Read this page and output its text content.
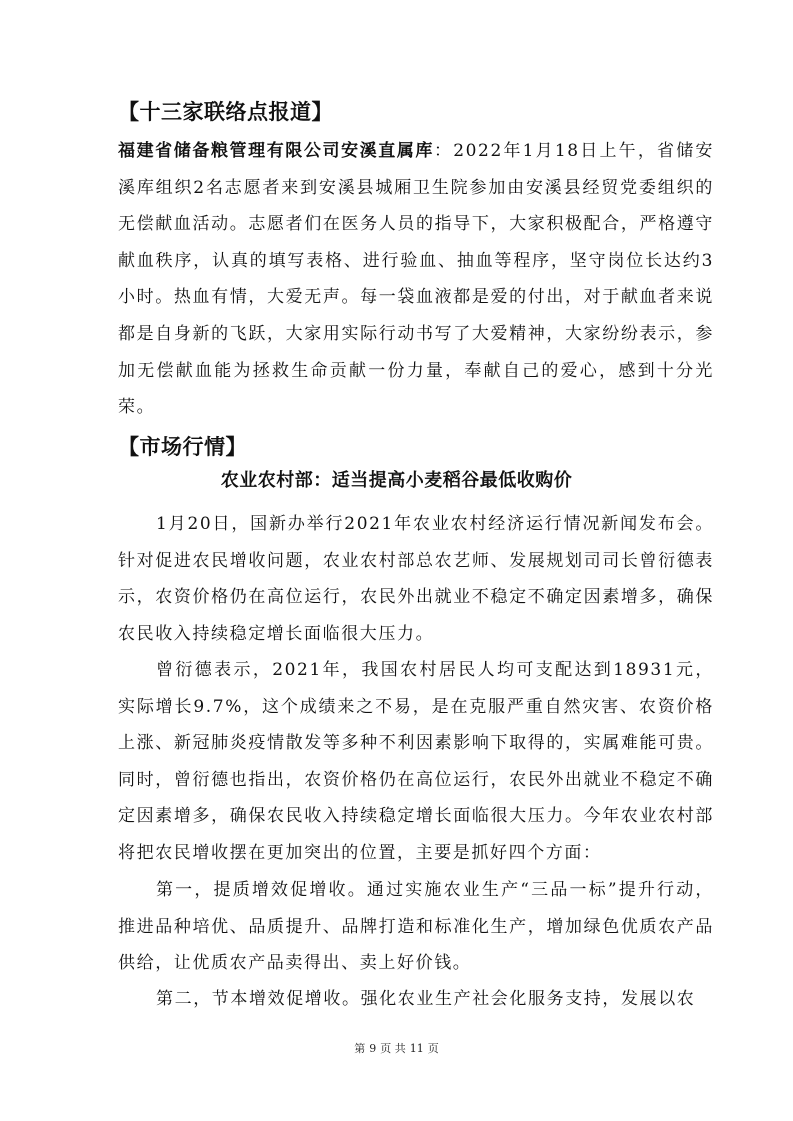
【十三家联络点报道】

福建省储备粮管理有限公司安溪直属库：2022年1月18日上午，省储安溪库组织2名志愿者来到安溪县城厢卫生院参加由安溪县经贸党委组织的无偿献血活动。志愿者们在医务人员的指导下，大家积极配合，严格遵守献血秩序，认真的填写表格、进行验血、抽血等程序，坚守岗位长达约3小时。热血有情，大爱无声。每一袋血液都是爱的付出，对于献血者来说都是自身新的飞跃，大家用实际行动书写了大爱精神，大家纷纷表示，参加无偿献血能为拯救生命贡献一份力量，奉献自己的爱心，感到十分光荣。

【市场行情】
农业农村部：适当提高小麦稻谷最低收购价

1月20日，国新办举行2021年农业农村经济运行情况新闻发布会。针对促进农民增收问题，农业农村部总农艺师、发展规划司司长曾衍德表示，农资价格仍在高位运行，农民外出就业不稳定不确定因素增多，确保农民收入持续稳定增长面临很大压力。

曾衍德表示，2021年，我国农村居民人均可支配达到18931元，实际增长9.7%，这个成绩来之不易，是在克服严重自然灾害、农资价格上涨、新冠肺炎疫情散发等多种不利因素影响下取得的，实属难能可贵。同时，曾衍德也指出，农资价格仍在高位运行，农民外出就业不稳定不确定因素增多，确保农民收入持续稳定增长面临很大压力。今年农业农村部将把农民增收摆在更加突出的位置，主要是抓好四个方面：

第一，提质增效促增收。通过实施农业生产“三品一标”提升行动，推进品种培优、品质提升、品牌打造和标准化生产，增加绿色优质农产品供给，让优质农产品卖得出、卖上好价钱。

第二，节本增效促增收。强化农业生产社会化服务支持，发展以农

第 9 页 共 11 页
